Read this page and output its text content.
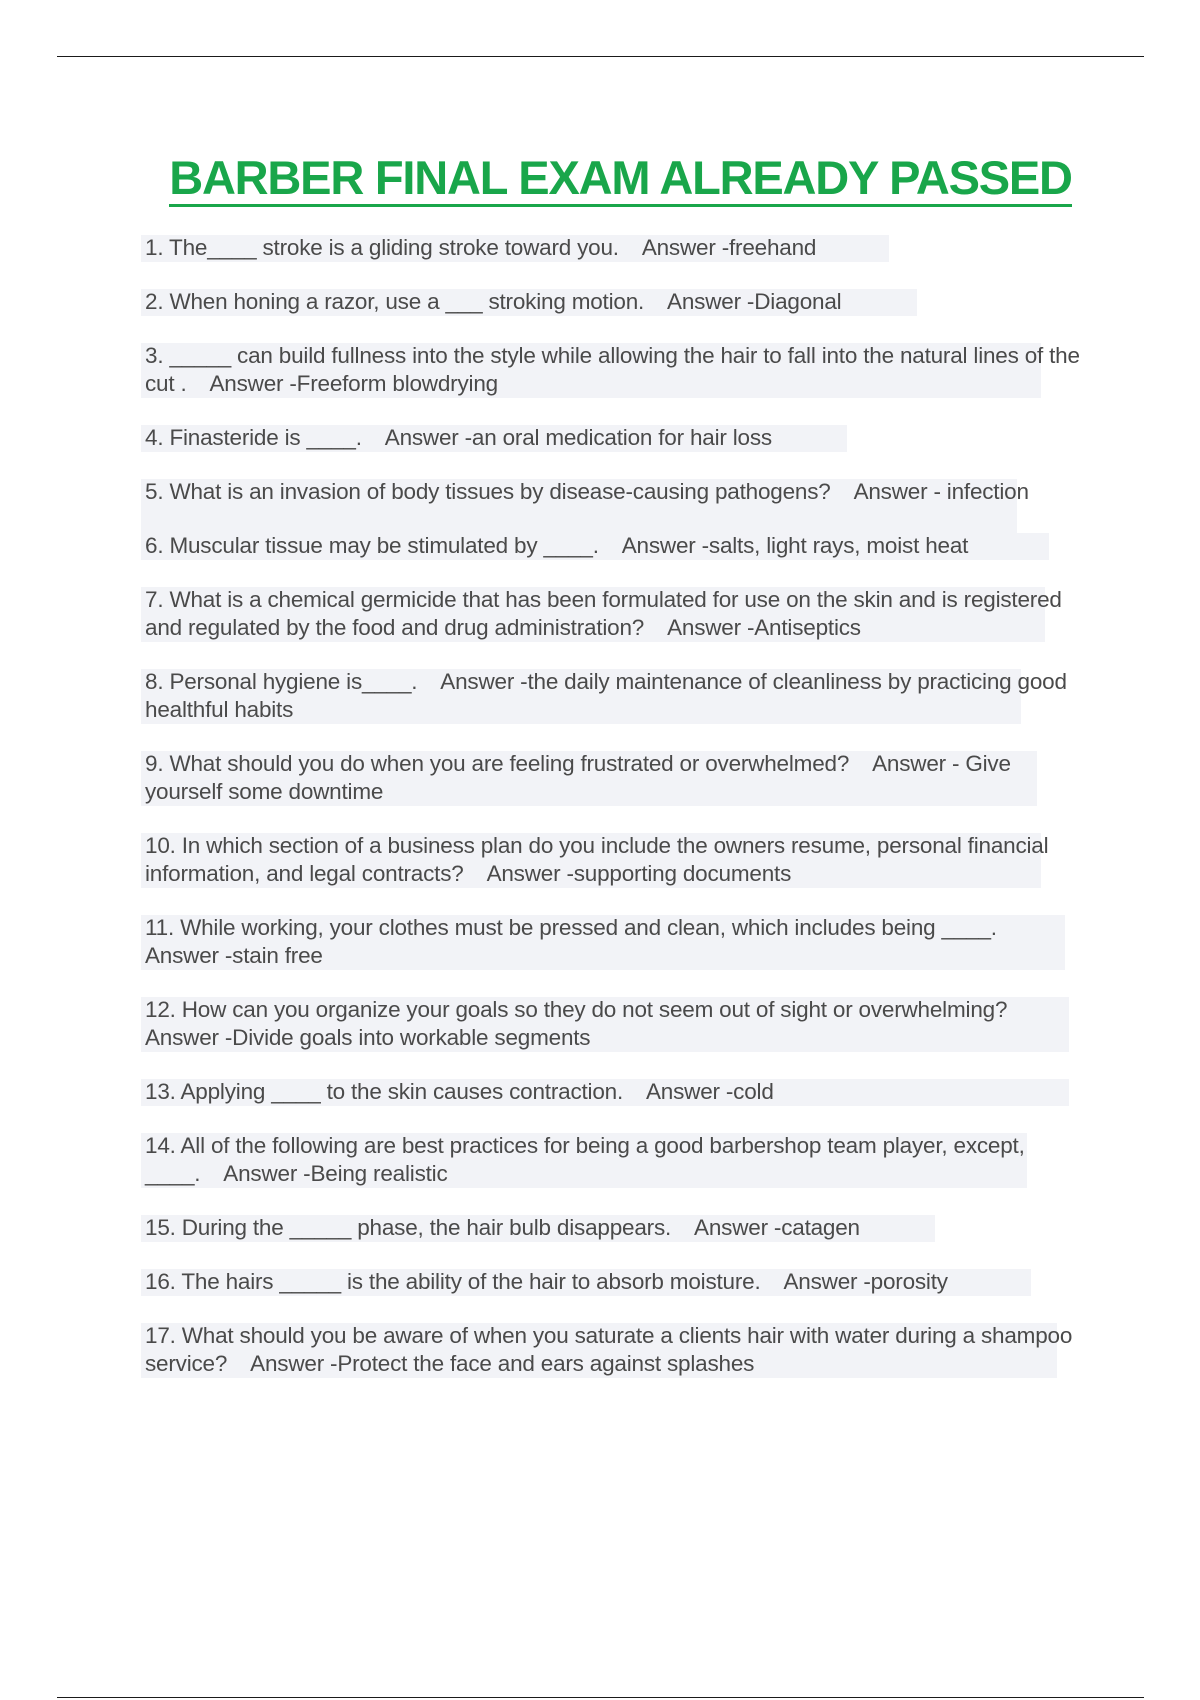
BARBER FINAL EXAM ALREADY PASSED
1. The____ stroke is a gliding stroke toward you. Answer -freehand
2. When honing a razor, use a ___ stroking motion. Answer -Diagonal
3. _____ can build fullness into the style while allowing the hair to fall into the natural lines of the cut . Answer -Freeform blowdrying
4. Finasteride is ____. Answer -an oral medication for hair loss
5. What is an invasion of body tissues by disease-causing pathogens? Answer - infection
6. Muscular tissue may be stimulated by ____. Answer -salts, light rays, moist heat
7. What is a chemical germicide that has been formulated for use on the skin and is registered and regulated by the food and drug administration? Answer -Antiseptics
8. Personal hygiene is____. Answer -the daily maintenance of cleanliness by practicing good healthful habits
9. What should you do when you are feeling frustrated or overwhelmed? Answer - Give yourself some downtime
10. In which section of a business plan do you include the owners resume, personal financial information, and legal contracts? Answer -supporting documents
11. While working, your clothes must be pressed and clean, which includes being ____.    Answer -stain free
12. How can you organize your goals so they do not seem out of sight or overwhelming?    Answer -Divide goals into workable segments
13. Applying ____ to the skin causes contraction. Answer -cold
14. All of the following are best practices for being a good barbershop team player, except, ____. Answer -Being realistic
15. During the _____ phase, the hair bulb disappears. Answer -catagen
16. The hairs _____ is the ability of the hair to absorb moisture. Answer -porosity
17. What should you be aware of when you saturate a clients hair with water during a shampoo service? Answer -Protect the face and ears against splashes
